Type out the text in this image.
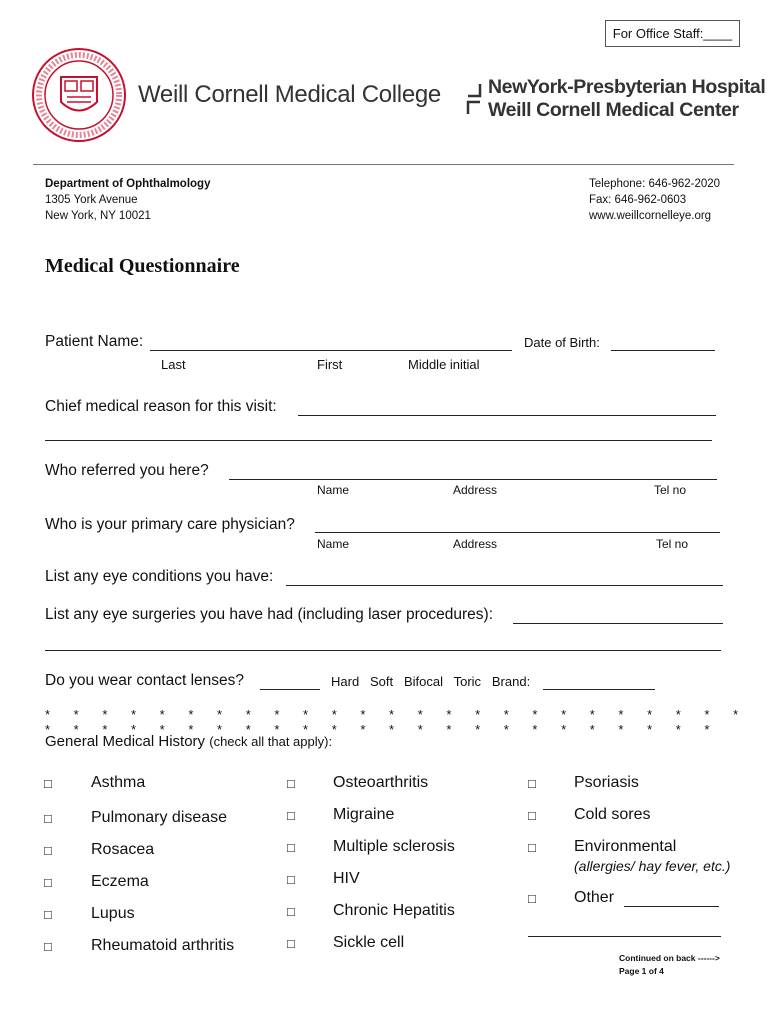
For Office Staff:____
Weill Cornell Medical College NewYork-Presbyterian Hospital
Weill Cornell Medical Center
Department of Ophthalmology
1305 York Avenue
New York, NY 10021
Telephone: 646-962-2020
Fax: 646-962-0603
www.weillcornelleye.org
Medical Questionnaire
Patient Name:	Date of Birth:
Last	First	Middle initial
Chief medical reason for this visit:
Who referred you here?
Name	Address	Tel no
Who is your primary care physician?
Name	Address	Tel no
List any eye conditions you have:
List any eye surgeries you have had (including laser procedures):
Do you wear contact lenses?	Hard   Soft   Bifocal   Toric   Brand:
* * * * * * * * * * * * * * * * * * * * * * * * * * * * * * * * * * * * * * * * * * * * * * * * *
General Medical History (check all that apply):
□ Asthma
□ Pulmonary disease
□ Rosacea
□ Eczema
□ Lupus
□ Rheumatoid arthritis
□ Osteoarthritis
□ Migraine
□ Multiple sclerosis
□ HIV
□ Chronic Hepatitis
□ Sickle cell
□ Psoriasis
□ Cold sores
□ Environmental
(allergies/ hay fever, etc.)
□ Other
Continued on back ------>
Page 1 of 4
